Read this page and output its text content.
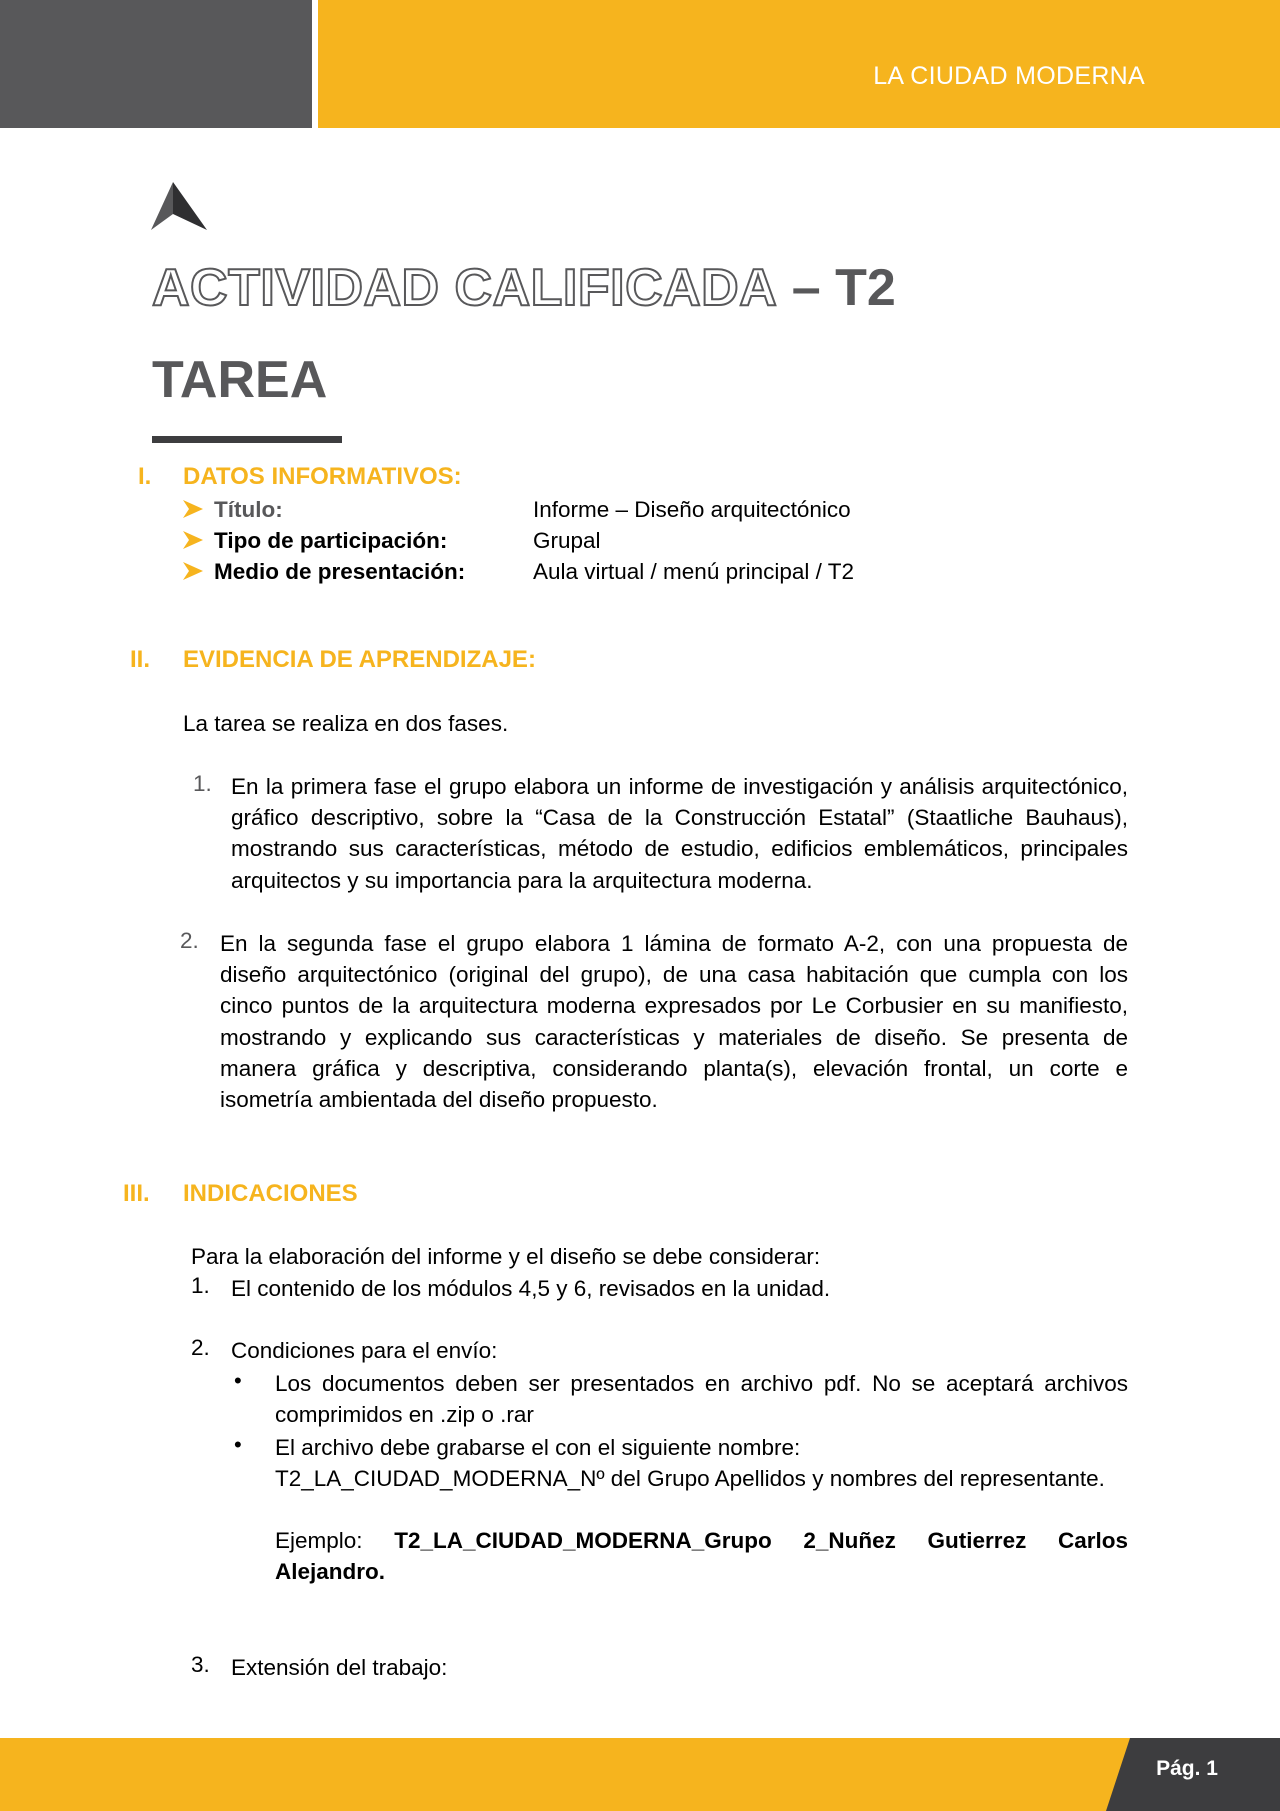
LA CIUDAD MODERNA
ACTIVIDAD CALIFICADA – T2
TAREA
I. DATOS INFORMATIVOS:
Título:	Informe – Diseño arquitectónico
Tipo de participación:	Grupal
Medio de presentación:	Aula virtual / menú principal / T2
II. EVIDENCIA DE APRENDIZAJE:
La tarea se realiza en dos fases.
1. En la primera fase el grupo elabora un informe de investigación y análisis arquitectónico, gráfico descriptivo, sobre la “Casa de la Construcción Estatal” (Staatliche Bauhaus), mostrando sus características, método de estudio, edificios emblemáticos, principales arquitectos y su importancia para la arquitectura moderna.
2. En la segunda fase el grupo elabora 1 lámina de formato A-2, con una propuesta de diseño arquitectónico (original del grupo), de una casa habitación que cumpla con los cinco puntos de la arquitectura moderna expresados por Le Corbusier en su manifiesto, mostrando y explicando sus características y materiales de diseño. Se presenta de manera gráfica y descriptiva, considerando planta(s), elevación frontal, un corte e isometría ambientada del diseño propuesto.
III. INDICACIONES
Para la elaboración del informe y el diseño se debe considerar:
1. El contenido de los módulos 4,5 y 6, revisados en la unidad.
2. Condiciones para el envío:
• Los documentos deben ser presentados en archivo pdf. No se aceptará archivos comprimidos en .zip o .rar
• El archivo debe grabarse el con el siguiente nombre:
T2_LA_CIUDAD_MODERNA_Nº del Grupo Apellidos y nombres del representante.
Ejemplo: T2_LA_CIUDAD_MODERNA_Grupo 2_Nuñez Gutierrez Carlos Alejandro.
3. Extensión del trabajo:
Pág. 1
